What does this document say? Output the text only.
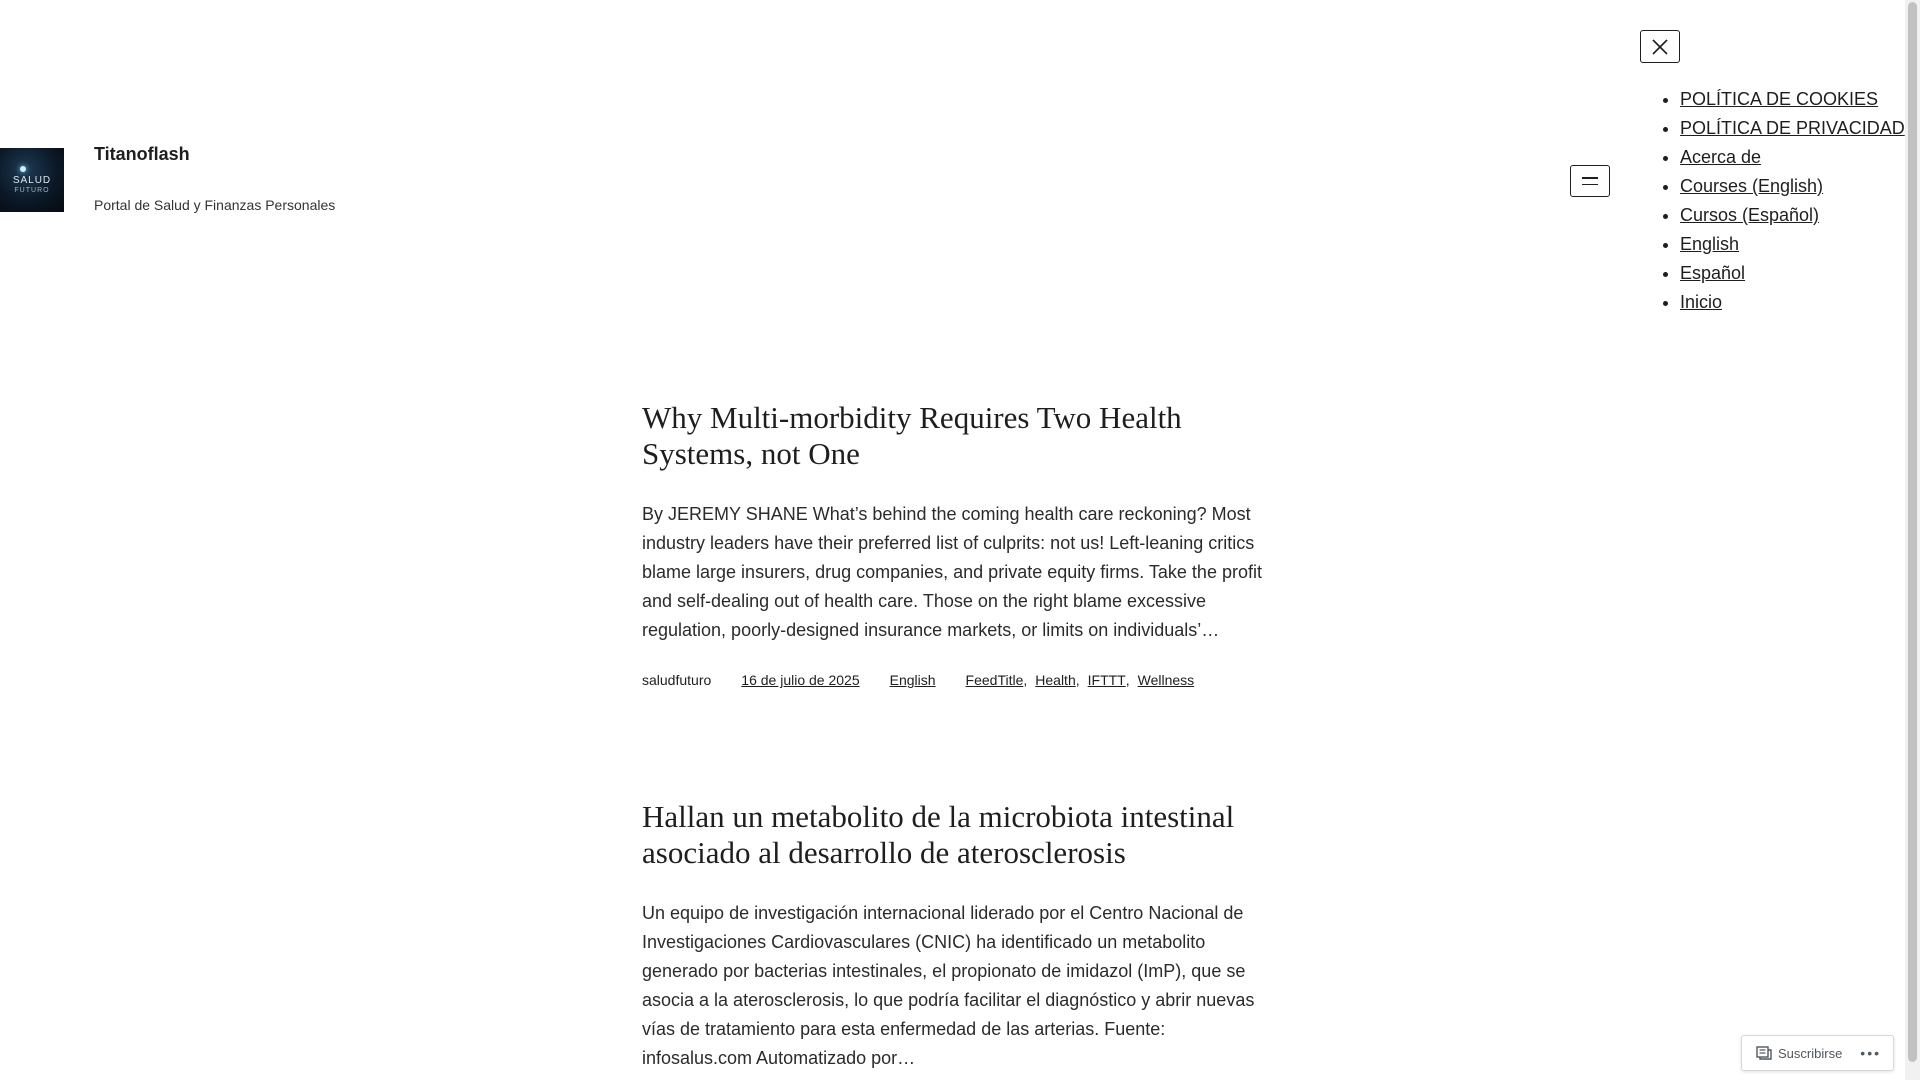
SALUD
FUTURO
Titanoflash
Portal de Salud y Finanzas Personales
• POLÍTICA DE COOKIES
• POLÍTICA DE PRIVACIDAD
• Acerca de
• Courses (English)
• Cursos (Español)
• English
• Español
• Inicio
Why Multi-morbidity Requires Two Health Systems, not One

By JEREMY SHANE What’s behind the coming health care reckoning? Most industry leaders have their preferred list of culprits: not us! Left-leaning critics blame large insurers, drug companies, and private equity firms. Take the profit and self-dealing out of health care. Those on the right blame excessive regulation, poorly-designed insurance markets, or limits on individuals’…

saludfuturo 16 de julio de 2025 English FeedTitle , Health , IFTTT , Wellness
Hallan un metabolito de la microbiota intestinal asociado al desarrollo de aterosclerosis

Un equipo de investigación internacional liderado por el Centro Nacional de Investigaciones Cardiovasculares (CNIC) ha identificado un metabolito generado por bacterias intestinales, el propionato de imidazol (ImP), que se asocia a la aterosclerosis, lo que podría facilitar el diagnóstico y abrir nuevas vías de tratamiento para esta enfermedad de las arterias. Fuente: infosalus.com Automatizado por…	Suscribirse •••
